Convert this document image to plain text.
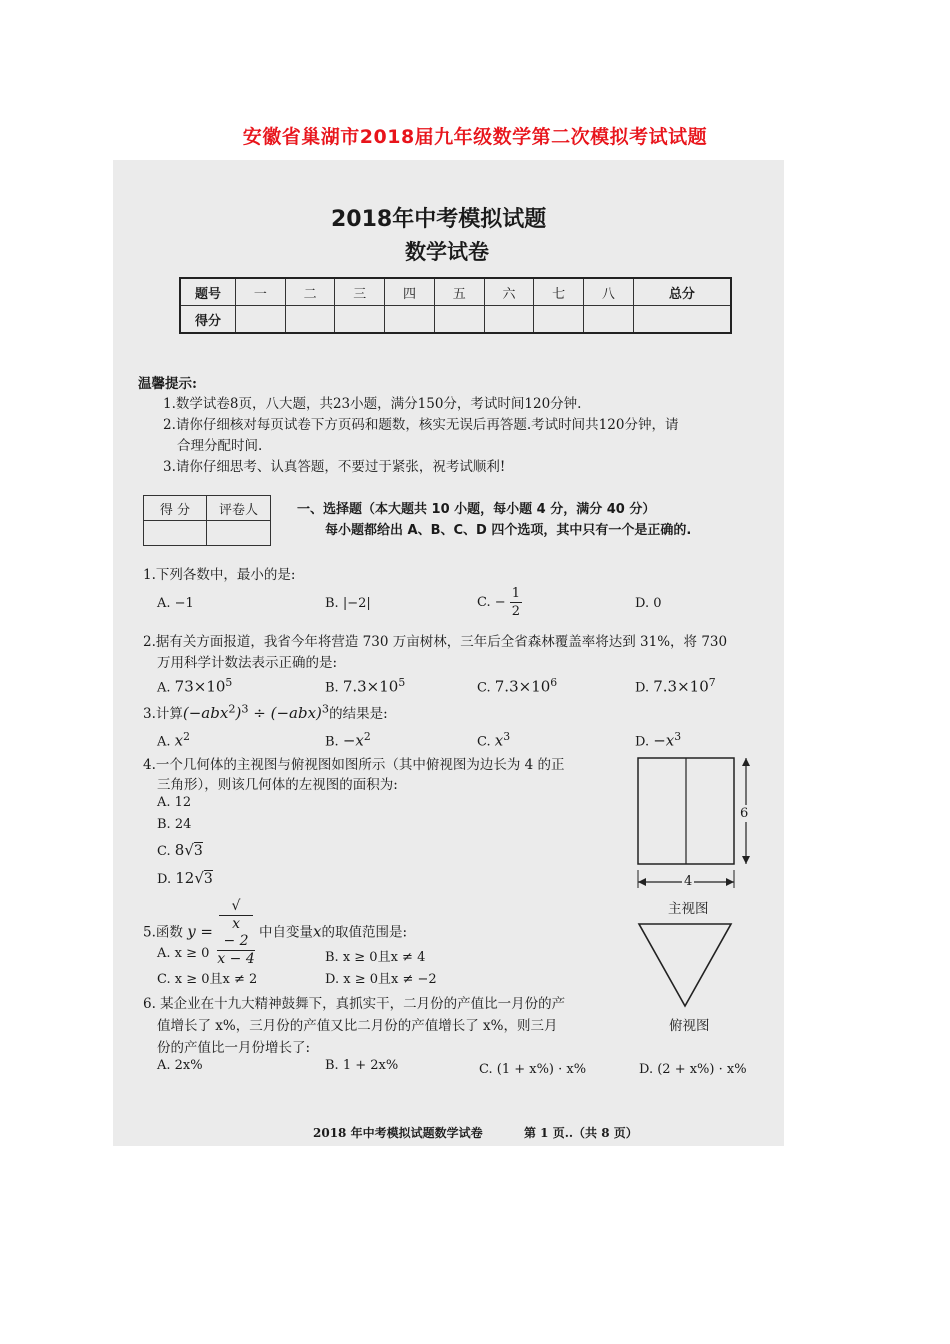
安徽省巢湖市2018届九年级数学第二次模拟考试试题
2018年中考模拟试题
数学试卷
题号	一	二	三	四	五	六	七	八	总分
得分									
温馨提示:
1.数学试卷8页，八大题，共23小题，满分150分，考试时间120分钟.
2.请你仔细核对每页试卷下方页码和题数，核实无误后再答题.考试时间共120分钟，请
合理分配时间.
3.请你仔细思考、认真答题，不要过于紧张，祝考试顺利!
得 分	评卷人
		一、选择题（本大题共 10 小题，每小题 4 分，满分 40 分）
每小题都给出 A、B、C、D 四个选项，其中只有一个是正确的.
1.下列各数中，最小的是:
A. −1	B. |−2|	C. − $\frac{1}{2}$	D. 0
2.据有关方面报道，我省今年将营造 730 万亩树林，三年后全省森林覆盖率将达到 31%，将 730
万用科学计数法表示正确的是:
A. $73\times 10^5$	B. $7.3\times 10^5$	C. $7.3\times 10^6$	D. $7.3\times 10^7$
3.计算$(-abx^2)^3 \div (-abx)^3$的结果是:
A. $x^2$	B. $-x^2$	C. $x^3$	D. $-x^3$
4.一个几何体的主视图与俯视图如图所示（其中俯视图为边长为 4 的正
三角形），则该几何体的左视图的面积为:
A. 12
B. 24
C. 8√3
D. 12√3
6
4
主视图
俯视图
5.函数 y = √
x
− 2
x − 4 中自变量x的取值范围是:
A. x ≥ 0	B. x ≥ 0且x ≠ 4
C. x ≥ 0且x ≠ 2	D. x ≥ 0且x ≠ −2
6. 某企业在十九大精神鼓舞下，真抓实干，二月份的产值比一月份的产
值增长了 x%，三月份的产值又比二月份的产值增长了 x%，则三月
份的产值比一月份增长了:
A. 2x%	B. 1 + 2x%	C. (1 + x%) · x%	D. (2 + x%) · x%
2018 年中考模拟试题数学试卷	第 1 页..（共 8 页）
